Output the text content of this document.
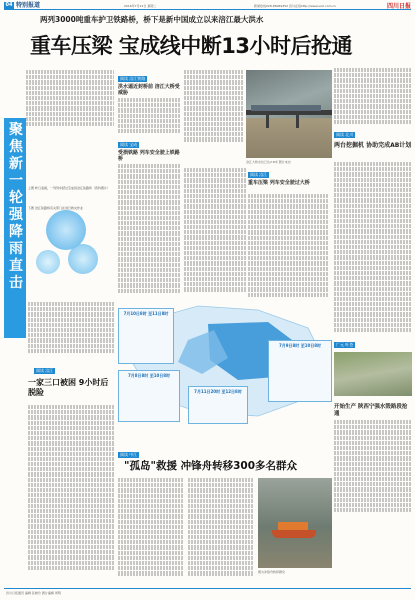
04 特别报道	2016年7月12日 星期二	新闻热线028-86969352 四川在线http://www.scol.com.cn	四川日报
两列3000吨重车护卫铁路桥，桥下是新中国成立以来涪江最大洪水
重车压梁 宝成线中断13小时后抢通
聚
焦
新
一
轮
强
降
雨
直
击
上图 昨日凌晨，一列列车经过宝成线涪江铁路桥（资料图片）
下图 涪江铁路桥有关部门在进行救灾作业
阅读 涪江
一家三口被困 9小时后脱险
阅读 涪江铁路
洪水逼近封桥前 涪江大桥受威胁
阅读 宝成
受损铁路 列车安全驶上铁路桥	涪江大桥水位已达2.8米 图片来自
阅读 涪江
重车压梁 列车安全驶过大桥
阅读 北川
两台挖掘机 协助完成AB计划
广元 旺苍
开始生产 陕西宁强水毁路段抢通
7月10日8时 至11日8时
7月8日8时 至10日8时
7月11日20时 至12日8时
7月9日8时 至10日8时
阅读 中江
"孤岛"救援 冲锋舟转移300多名群众
图为冲锋舟转移群众
四川日报通讯 编辑 张晓玲 图片编辑 周明
